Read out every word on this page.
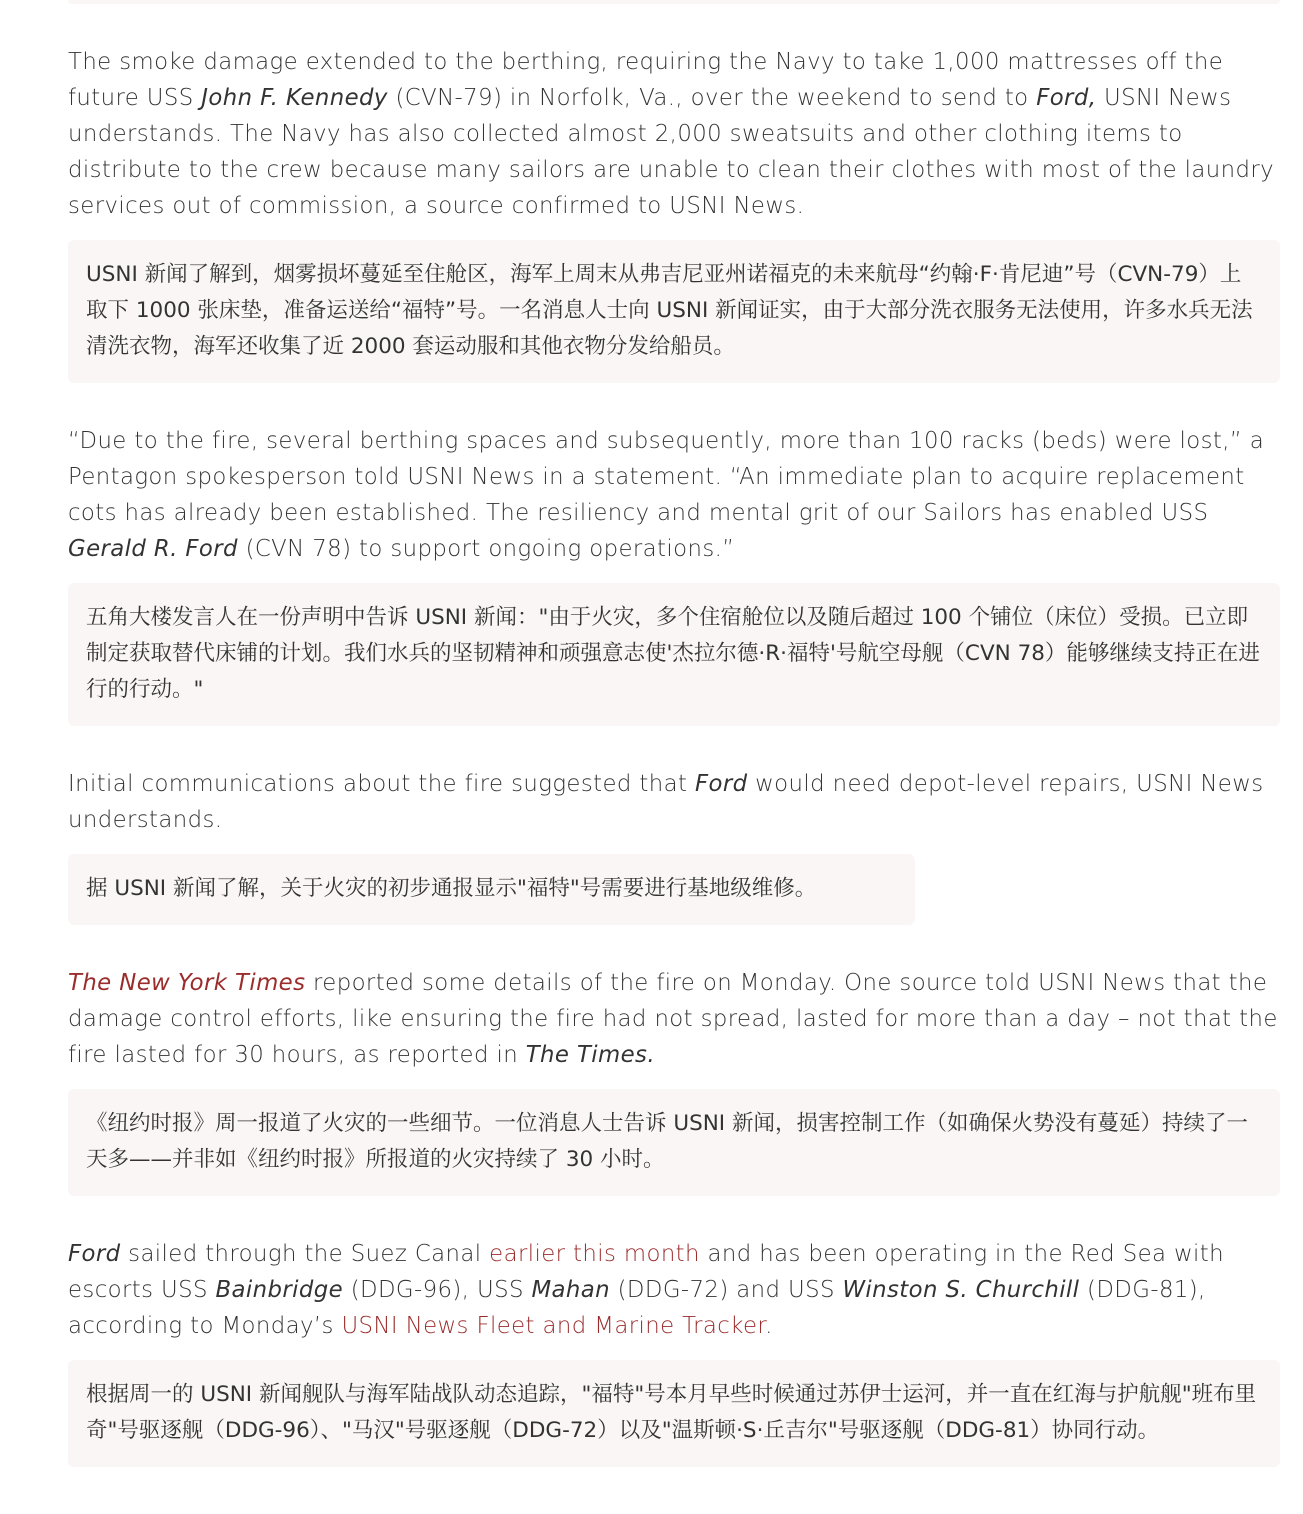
The smoke damage extended to the berthing, requiring the Navy to take 1,000 mattresses off the future USS John F. Kennedy (CVN-79) in Norfolk, Va., over the weekend to send to Ford, USNI News understands. The Navy has also collected almost 2,000 sweatsuits and other clothing items to distribute to the crew because many sailors are unable to clean their clothes with most of the laundry services out of commission, a source confirmed to USNI News.

USNI 新闻了解到，烟雾损坏蔓延至住舱区，海军上周末从弗吉尼亚州诺福克的未来航母“约翰·F·肯尼迪”号（CVN-79）上取下 1000 张床垫，准备运送给“福特”号。一名消息人士向 USNI 新闻证实，由于大部分洗衣服务无法使用，许多水兵无法清洗衣物，海军还收集了近 2000 套运动服和其他衣物分发给船员。

“Due to the fire, several berthing spaces and subsequently, more than 100 racks (beds) were lost,” a Pentagon spokesperson told USNI News in a statement. “An immediate plan to acquire replacement cots has already been established. The resiliency and mental grit of our Sailors has enabled USS Gerald R. Ford (CVN 78) to support ongoing operations.”

五角大楼发言人在一份声明中告诉 USNI 新闻："由于火灾，多个住宿舱位以及随后超过 100 个铺位（床位）受损。已立即制定获取替代床铺的计划。我们水兵的坚韧精神和顽强意志使'杰拉尔德·R·福特'号航空母舰（CVN 78）能够继续支持正在进行的行动。"

Initial communications about the fire suggested that Ford would need depot-level repairs, USNI News understands.

据 USNI 新闻了解，关于火灾的初步通报显示"福特"号需要进行基地级维修。

The New York Times reported some details of the fire on Monday. One source told USNI News that the damage control efforts, like ensuring the fire had not spread, lasted for more than a day – not that the fire lasted for 30 hours, as reported in The Times.

《纽约时报》周一报道了火灾的一些细节。一位消息人士告诉 USNI 新闻，损害控制工作（如确保火势没有蔓延）持续了一天多——并非如《纽约时报》所报道的火灾持续了 30 小时。

Ford sailed through the Suez Canal earlier this month and has been operating in the Red Sea with escorts USS Bainbridge (DDG-96), USS Mahan (DDG-72) and USS Winston S. Churchill (DDG-81), according to Monday’s USNI News Fleet and Marine Tracker.

根据周一的 USNI 新闻舰队与海军陆战队动态追踪，"福特"号本月早些时候通过苏伊士运河，并一直在红海与护航舰"班布里奇"号驱逐舰（DDG-96）、"马汉"号驱逐舰（DDG-72）以及"温斯顿·S·丘吉尔"号驱逐舰（DDG-81）协同行动。
